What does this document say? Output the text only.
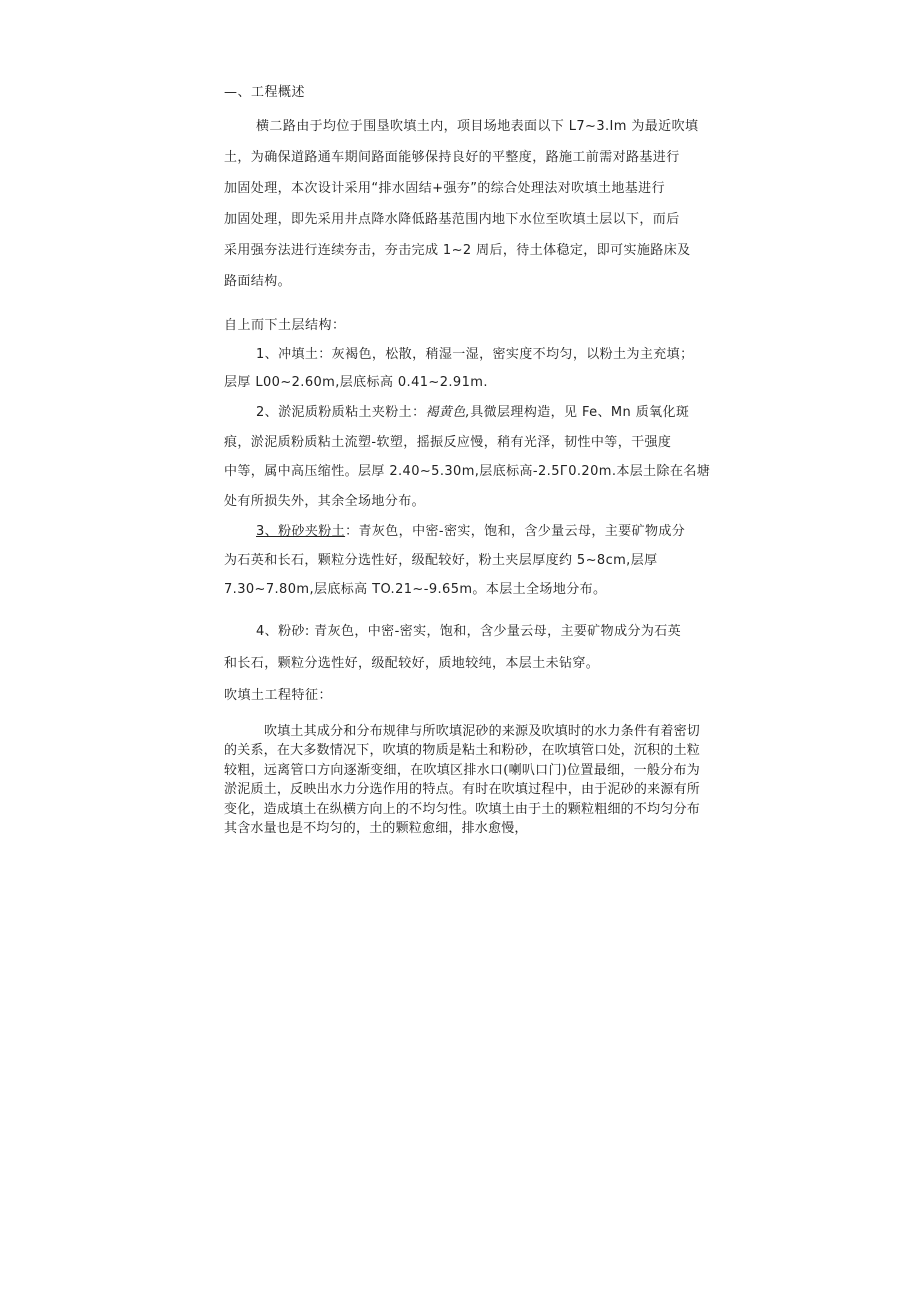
—、工程概述

横二路由于均位于围垦吹填土内，项目场地表面以下 L7~3.Im 为最近吹填

土，为确保道路通车期间路面能够保持良好的平整度，路施工前需对路基进行

加固处理，本次设计采用“排水固结+强夯”的综合处理法对吹填土地基进行

加固处理，即先采用井点降水降低路基范围内地下水位至吹填土层以下，而后

采用强夯法进行连续夯击，夯击完成 1~2 周后，待土体稳定，即可实施路床及

路面结构。

自上而下土层结构：

1、冲填土：灰褐色，松散，稍湿一湿，密实度不均匀，以粉土为主充填；

层厚 L00~2.60m,层底标高 0.41~2.91m.

2、淤泥质粉质粘土夹粉土：褐黄色,具微层理构造，见 Fe、Mn 质氧化斑

痕，淤泥质粉质粘土流塑-软塑，摇振反应慢，稍有光泽，韧性中等，干强度

中等，属中高压缩性。层厚 2.40~5.30m,层底标高-2.5Г0.20m.本层土除在名塘

处有所损失外，其余全场地分布。

3、粉砂夹粉土：青灰色，中密-密实，饱和，含少量云母，主要矿物成分

为石英和长石，颗粒分选性好，级配较好，粉土夹层厚度约 5~8cm,层厚

7.30~7.80m,层底标高 TO.21~-9.65m。本层土全场地分布。

4、粉砂: 青灰色，中密-密实，饱和，含少量云母，主要矿物成分为石英

和长石，颗粒分选性好，级配较好，质地较纯，本层土未钻穿。

吹填土工程特征：

吹填土其成分和分布规律与所吹填泥砂的来源及吹填时的水力条件有着密切的关系，在大多数情况下，吹填的物质是粘土和粉砂，在吹填管口处，沉积的土粒较粗，远离管口方向逐渐变细，在吹填区排水口(喇叭口门)位置最细，一般分布为淤泥质土，反映出水力分选作用的特点。有时在吹填过程中，由于泥砂的来源有所变化，造成填土在纵横方向上的不均匀性。吹填土由于土的颗粒粗细的不均匀分布其含水量也是不均匀的，土的颗粒愈细，排水愈慢，
